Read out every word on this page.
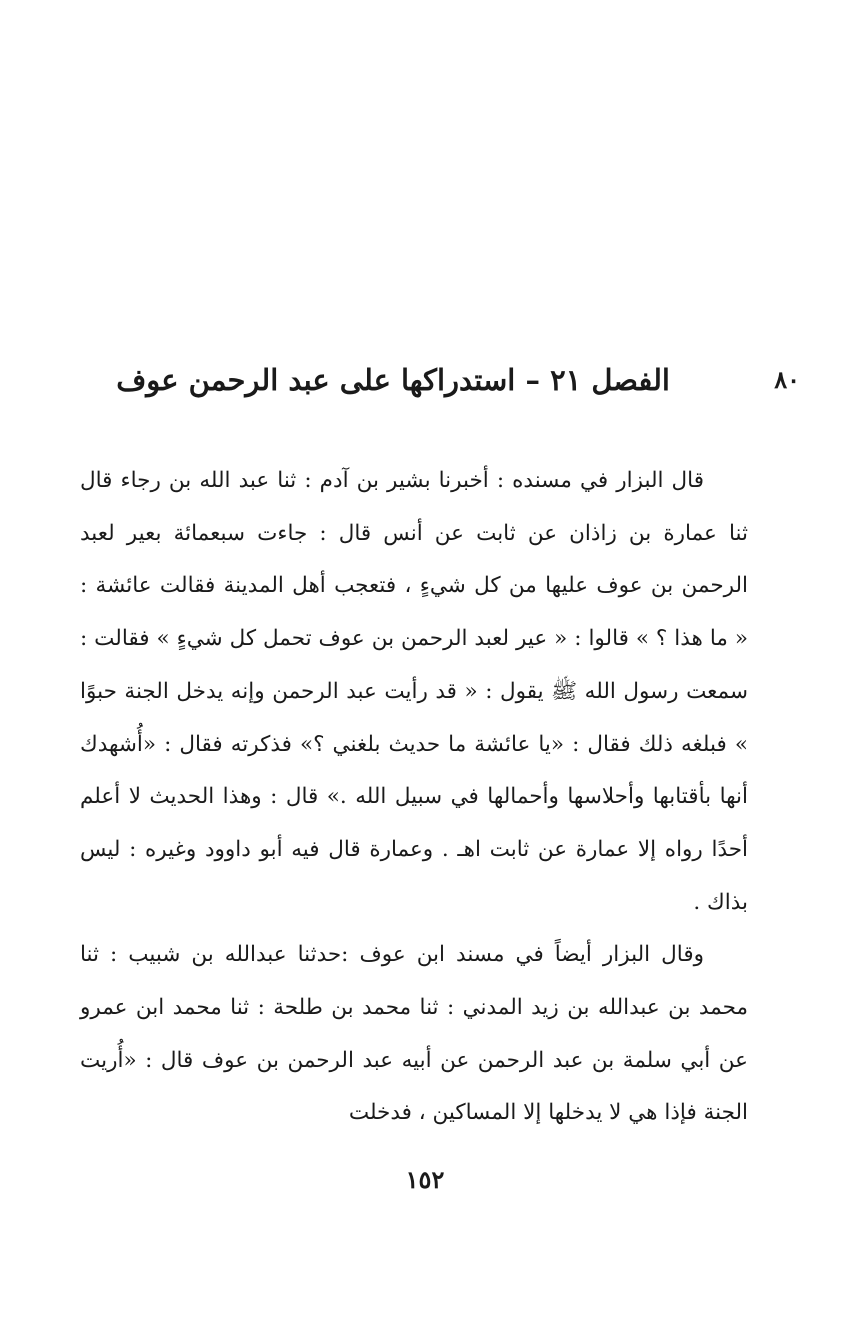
الفصل ٢١ – استدراكها على عبد الرحمن عوف	٨٠

قال البزار في مسنده : أخبرنا بشير بن آدم : ثنا عبد الله بن رجاء قال ثنا عمارة بن زاذان عن ثابت عن أنس قال : جاءت سبعمائة بعير لعبد الرحمن بن عوف عليها من كل شيءٍ ، فتعجب أهل المدينة فقالت عائشة : « ما هذا ؟ » قالوا : « عير لعبد الرحمن بن عوف تحمل كل شيءٍ » فقالت : سمعت رسول الله ﷺ يقول : « قد رأيت عبد الرحمن وإنه يدخل الجنة حبوًا » فبلغه ذلك فقال : «يا عائشة ما حديث بلغني ؟» فذكرته فقال : «أُشهدك أنها بأقتابها وأحلاسها وأحمالها في سبيل الله .» قال : وهذا الحديث لا أعلم أحدًا رواه إلا عمارة عن ثابت اهـ . وعمارة قال فيه أبو داوود وغيره : ليس بذاك .

وقال البزار أيضاً في مسند ابن عوف :حدثنا عبدالله بن شبيب : ثنا محمد بن عبدالله بن زيد المدني : ثنا محمد بن طلحة : ثنا محمد ابن عمرو عن أبي سلمة بن عبد الرحمن عن أبيه عبد الرحمن بن عوف قال : «أُريت الجنة فإذا هي لا يدخلها إلا المساكين ، فدخلت

١٥٢
